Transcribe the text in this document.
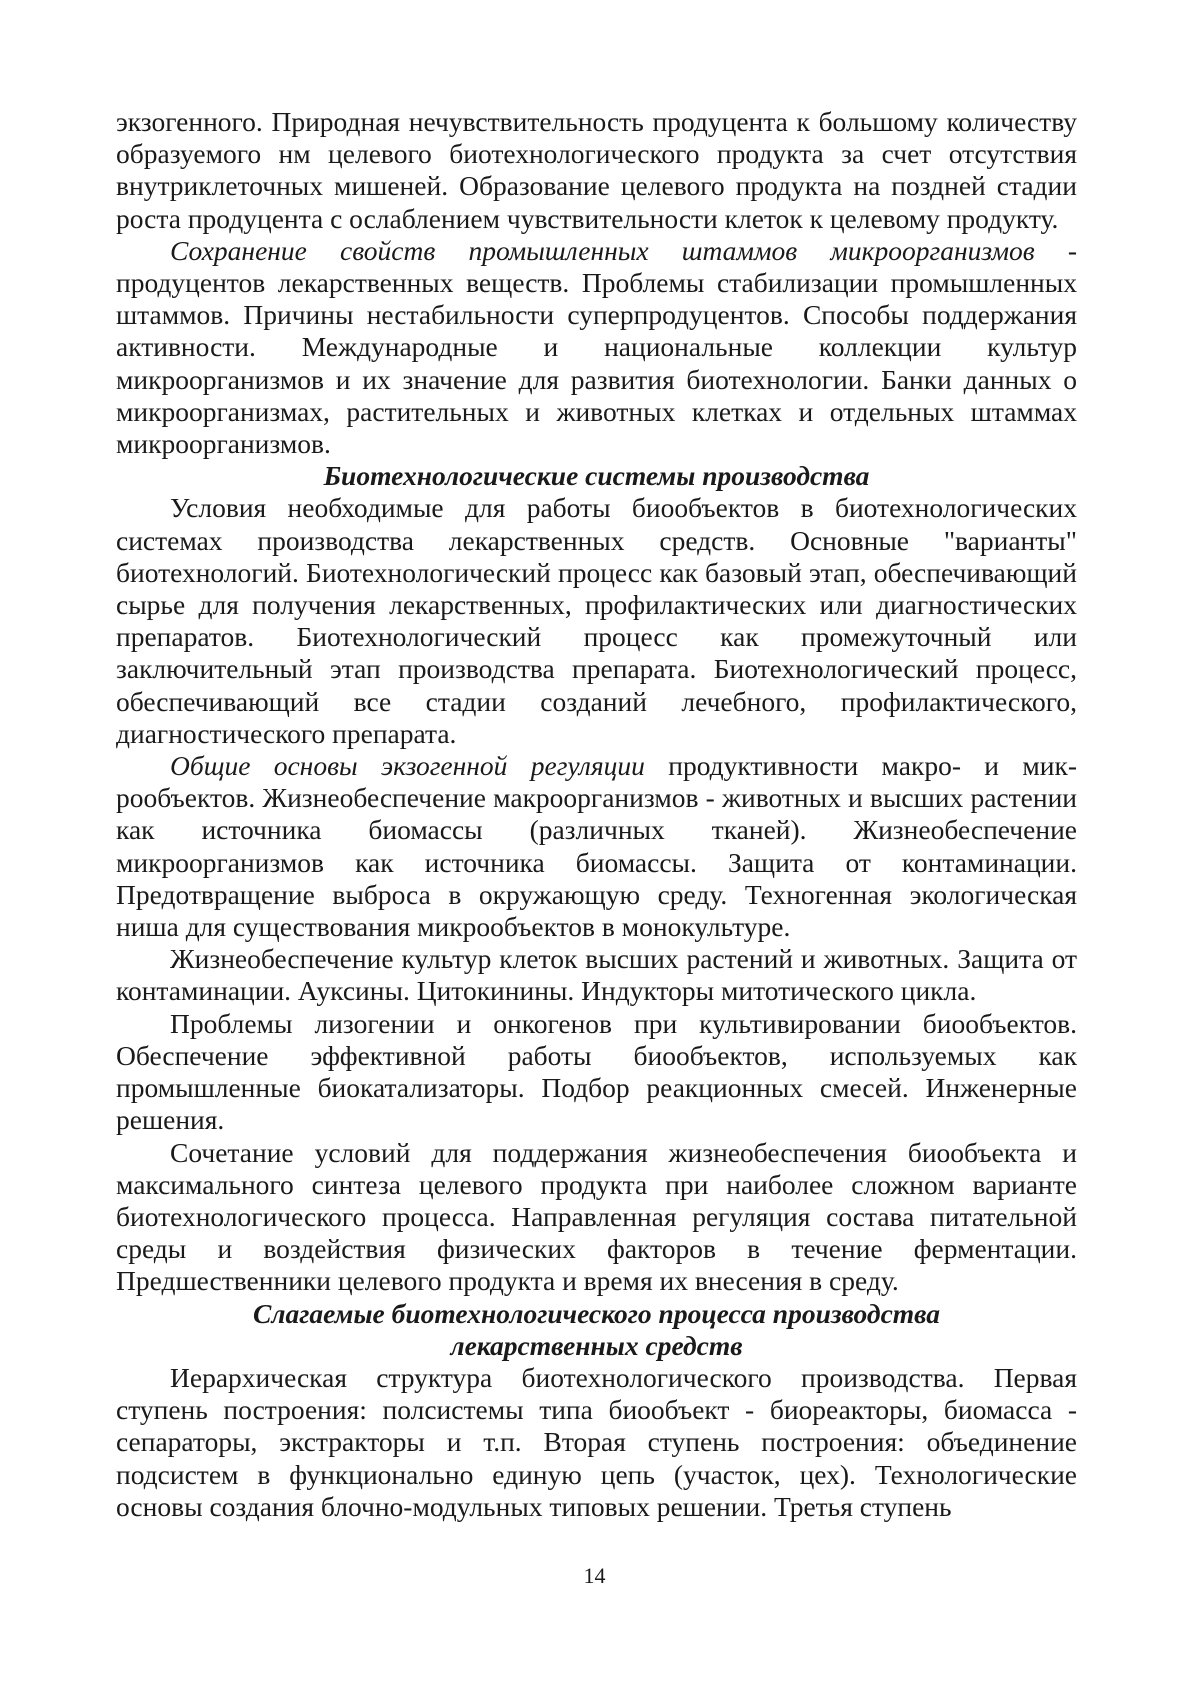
экзогенного. Природная нечувствительность продуцента к большому количеству образуемого нм целевого биотехнологического продукта за счет отсутствия внутриклеточных мишеней. Образование целевого продукта на поздней стадии роста продуцента с ослаблением чувствительности клеток к целевому продукту.

Сохранение свойств промышленных штаммов микроорганизмов - продуцентов лекарственных веществ. Проблемы стабилизации промышленных штаммов. Причины нестабильности суперпродуцентов. Способы поддержания активности. Международные и национальные коллекции культур микроорганизмов и их значение для развития биотехнологии. Банки данных о микроорганизмах, растительных и животных клетках и отдельных штаммах микроорганизмов.

Биотехнологические системы производства

Условия необходимые для работы биообъектов в биотехнологических системах производства лекарственных средств. Основные "варианты" биотехнологий. Биотехнологический процесс как базовый этап, обеспечивающий сырье для получения лекарственных, профилактических или диагностических препаратов. Биотехнологический процесс как промежуточный или заключительный этап производства препарата. Биотехнологический процесс, обеспечивающий все стадии созданий лечебного, профилактического, диагностического препарата.

Общие основы экзогенной регуляции продуктивности макро- и микрообъектов. Жизнеобеспечение макроорганизмов - животных и высших растении как источника биомассы (различных тканей). Жизнеобеспечение микроорганизмов как источника биомассы. Защита от контаминации. Предотвращение выброса в окружающую среду. Техногенная экологическая ниша для существования микрообъектов в монокультуре.

Жизнеобеспечение культур клеток высших растений и животных. Защита от контаминации. Ауксины. Цитокинины. Индукторы митотического цикла.

Проблемы лизогении и онкогенов при культивировании биообъектов. Обеспечение эффективной работы биообъектов, используемых как промышленные биокатализаторы. Подбор реакционных смесей. Инженерные решения.

Сочетание условий для поддержания жизнеобеспечения биообъекта и максимального синтеза целевого продукта при наиболее сложном варианте биотехнологического процесса. Направленная регуляция состава питательной среды и воздействия физических факторов в течение ферментации. Предшественники целевого продукта и время их внесения в среду.

Слагаемые биотехнологического процесса производства
лекарственных средств

Иерархическая структура биотехнологического производства. Первая ступень построения: полсистемы типа биообъект - биореакторы, биомасса - сепараторы, экстракторы и т.п. Вторая ступень построения: объединение подсистем в функционально единую цепь (участок, цех). Технологические основы создания блочно-модульных типовых решении. Третья ступень

14
